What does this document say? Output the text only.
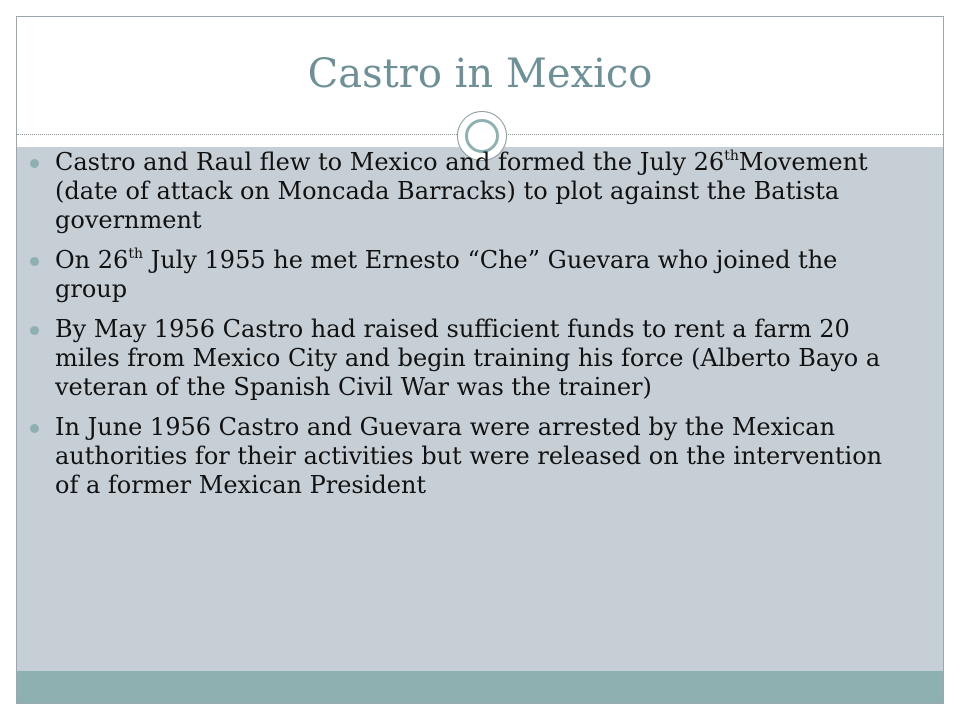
Castro in Mexico
Castro and Raul flew to Mexico and formed the July 26thMovement (date of attack on Moncada Barracks) to plot against the Batista government
On 26th July 1955 he met Ernesto “Che” Guevara who joined the group
By May 1956 Castro had raised sufficient funds to rent a farm 20 miles from Mexico City and begin training his force (Alberto Bayo a veteran of the Spanish Civil War was the trainer)
In June 1956 Castro and Guevara were arrested by the Mexican authorities for their activities but were released on the intervention of a former Mexican President
